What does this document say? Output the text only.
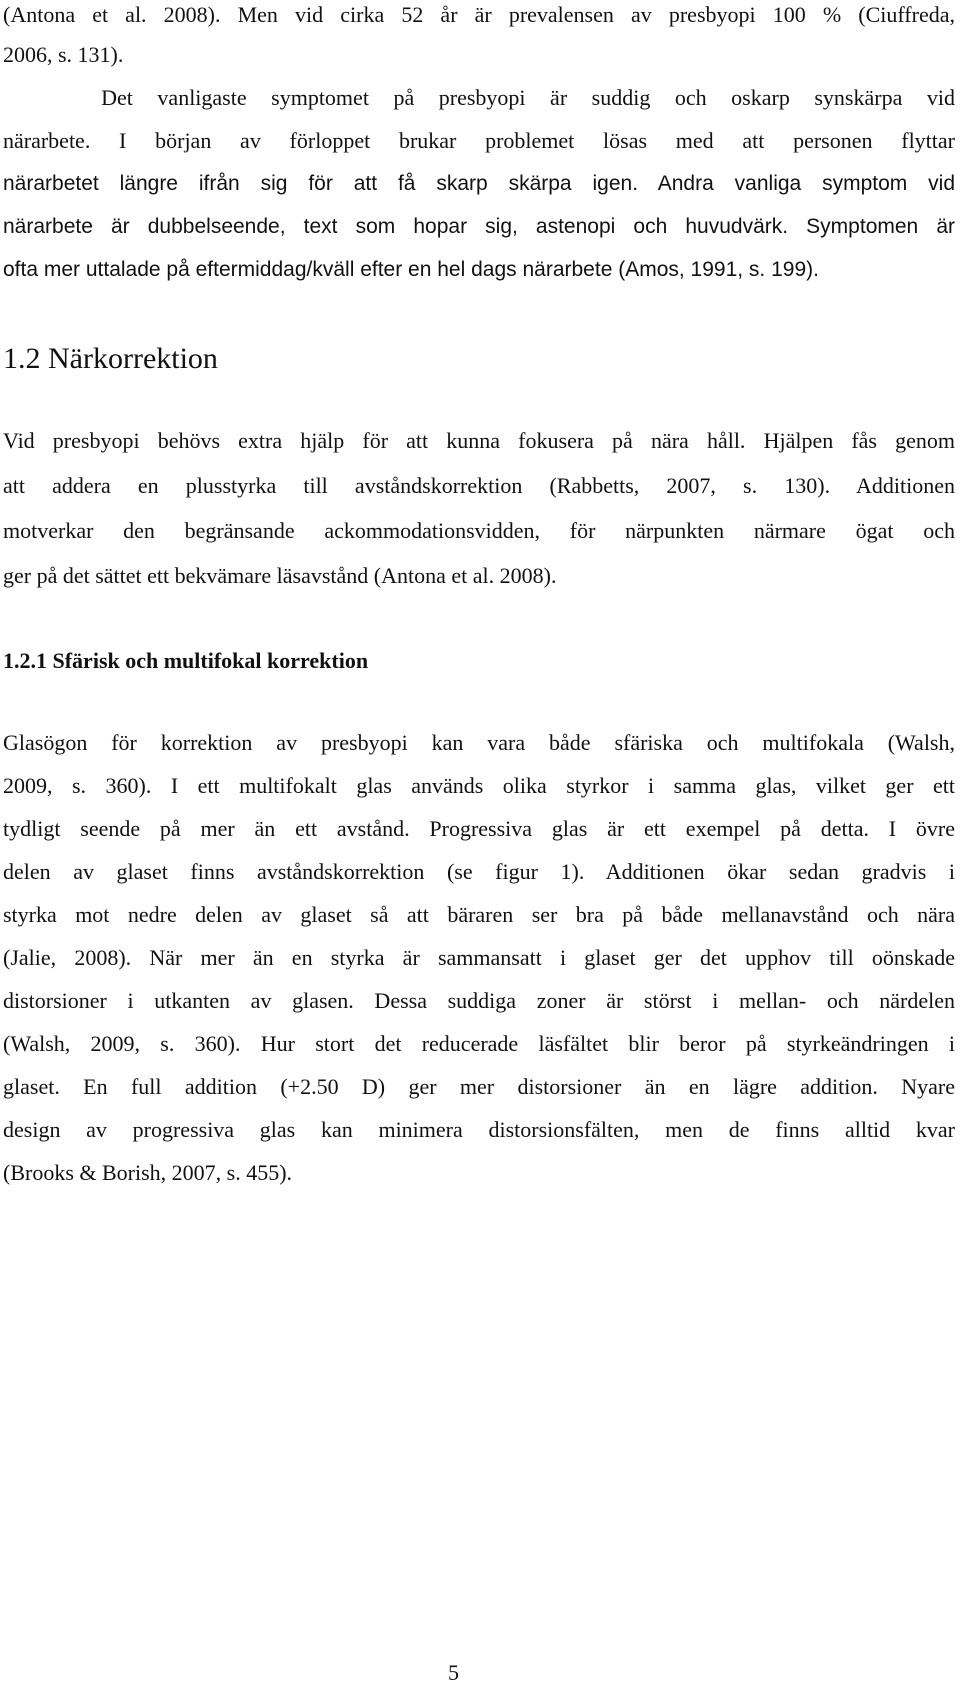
(Antona et al. 2008). Men vid cirka 52 år är prevalensen av presbyopi 100 % (Ciuffreda,
2006, s. 131).
Det vanligaste symptomet på presbyopi är suddig och oskarp synskärpa vid
närarbete. I början av förloppet brukar problemet lösas med att personen flyttar
närarbetet längre ifrån sig för att få skarp skärpa igen. Andra vanliga symptom vid
närarbete är dubbelseende, text som hopar sig, astenopi och huvudvärk. Symptomen är
ofta mer uttalade på eftermiddag/kväll efter en hel dags närarbete (Amos, 1991, s. 199).
1.2 Närkorrektion
Vid presbyopi behövs extra hjälp för att kunna fokusera på nära håll. Hjälpen fås genom
att addera en plusstyrka till avståndskorrektion (Rabbetts, 2007, s. 130). Additionen
motverkar den begränsande ackommodationsvidden, för närpunkten närmare ögat och
ger på det sättet ett bekvämare läsavstånd (Antona et al. 2008).
1.2.1 Sfärisk och multifokal korrektion
Glasögon för korrektion av presbyopi kan vara både sfäriska och multifokala (Walsh,
2009, s. 360). I ett multifokalt glas används olika styrkor i samma glas, vilket ger ett
tydligt seende på mer än ett avstånd. Progressiva glas är ett exempel på detta. I övre
delen av glaset finns avståndskorrektion (se figur 1). Additionen ökar sedan gradvis i
styrka mot nedre delen av glaset så att bäraren ser bra på både mellanavstånd och nära
(Jalie, 2008). När mer än en styrka är sammansatt i glaset ger det upphov till oönskade
distorsioner i utkanten av glasen. Dessa suddiga zoner är störst i mellan- och närdelen
(Walsh, 2009, s. 360). Hur stort det reducerade läsfältet blir beror på styrkeändringen i
glaset. En full addition (+2.50 D) ger mer distorsioner än en lägre addition. Nyare
design av progressiva glas kan minimera distorsionsfälten, men de finns alltid kvar
(Brooks & Borish, 2007, s. 455).
5
